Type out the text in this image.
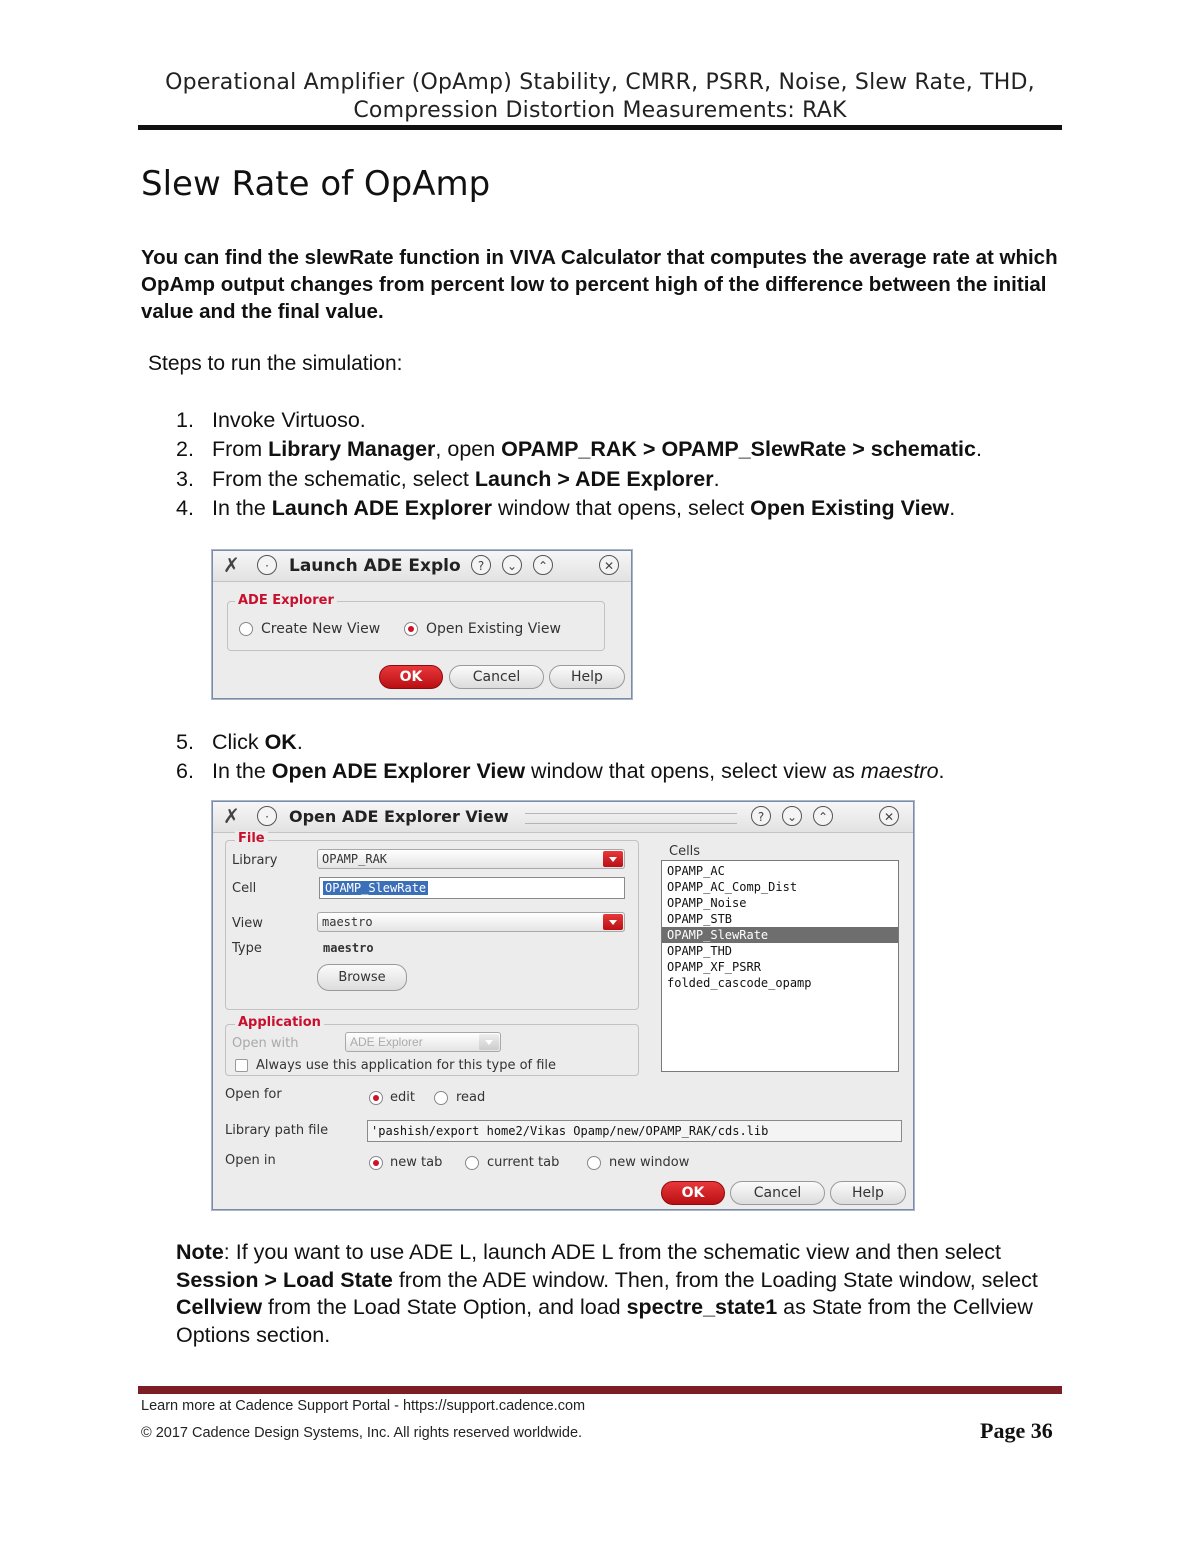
Operational Amplifier (OpAmp) Stability, CMRR, PSRR, Noise, Slew Rate, THD,
Compression Distortion Measurements: RAK
Slew Rate of OpAmp
You can find the slewRate function in VIVA Calculator that computes the average rate at which OpAmp output changes from percent low to percent high of the difference between the initial value and the final value.
Steps to run the simulation:
1. Invoke Virtuoso.
2. From Library Manager, open OPAMP_RAK > OPAMP_SlewRate > schematic.
3. From the schematic, select Launch > ADE Explorer.
4. In the Launch ADE Explorer window that opens, select Open Existing View.
✗	·	Launch ADE Explo	?	⌄	⌃	✕
ADE Explorer
Create New View	Open Existing View
OK	Cancel	Help
5. Click OK.
6. In the Open ADE Explorer View window that opens, select view as maestro.
✗	·	Open ADE Explorer View	?	⌄	⌃	✕
File
Library	OPAMP_RAK
Cell	OPAMP_SlewRate
View	maestro
Type	maestro
Browse
Cells
OPAMP_AC
OPAMP_AC_Comp_Dist
OPAMP_Noise
OPAMP_STB
OPAMP_SlewRate
OPAMP_THD
OPAMP_XF_PSRR
folded_cascode_opamp
Application
Open with	ADE Explorer
Always use this application for this type of file
Open for	edit	read
Library path file	'pashish/export home2/Vikas Opamp/new/OPAMP_RAK/cds.lib
Open in	new tab	current tab	new window
OK	Cancel	Help
Note: If you want to use ADE L, launch ADE L from the schematic view and then select Session > Load State from the ADE window. Then, from the Loading State window, select Cellview from the Load State Option, and load spectre_state1 as State from the Cellview Options section.
Learn more at Cadence Support Portal - https://support.cadence.com
© 2017 Cadence Design Systems, Inc. All rights reserved worldwide.	Page 36
